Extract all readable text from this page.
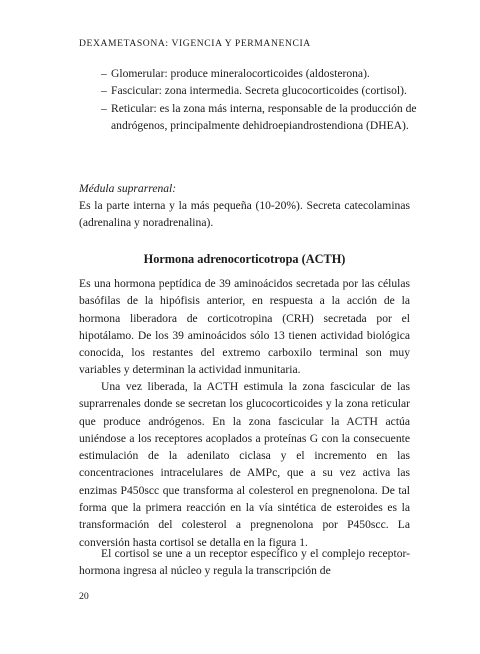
DEXAMETASONA: VIGENCIA Y PERMANENCIA
– Glomerular: produce mineralocorticoides (aldosterona).
– Fascicular: zona intermedia. Secreta glucocorticoides (cortisol).
– Reticular: es la zona más interna, responsable de la producción de andrógenos, principalmente dehidroepiandrostendiona (DHEA).
Médula suprarrenal:
Es la parte interna y la más pequeña (10-20%). Secreta catecolaminas (adrenalina y noradrenalina).
Hormona adrenocorticotropa (ACTH)
Es una hormona peptídica de 39 aminoácidos secretada por las células basófilas de la hipófisis anterior, en respuesta a la acción de la hormona liberadora de corticotropina (CRH) secretada por el hipotálamo. De los 39 aminoácidos sólo 13 tienen actividad biológica conocida, los restantes del extremo carboxilo terminal son muy variables y determinan la actividad inmunitaria.
Una vez liberada, la ACTH estimula la zona fascicular de las suprarrenales donde se secretan los glucocorticoides y la zona reticular que produce andrógenos. En la zona fascicular la ACTH actúa uniéndose a los receptores acoplados a proteínas G con la consecuente estimulación de la adenilato ciclasa y el incremento en las concentraciones intracelulares de AMPc, que a su vez activa las enzimas P450scc que transforma al colesterol en pregnenolona. De tal forma que la primera reacción en la vía sintética de esteroides es la transformación del colesterol a pregnenolona por P450scc. La conversión hasta cortisol se detalla en la figura 1.
El cortisol se une a un receptor específico y el complejo receptor-hormona ingresa al núcleo y regula la transcripción de
20
